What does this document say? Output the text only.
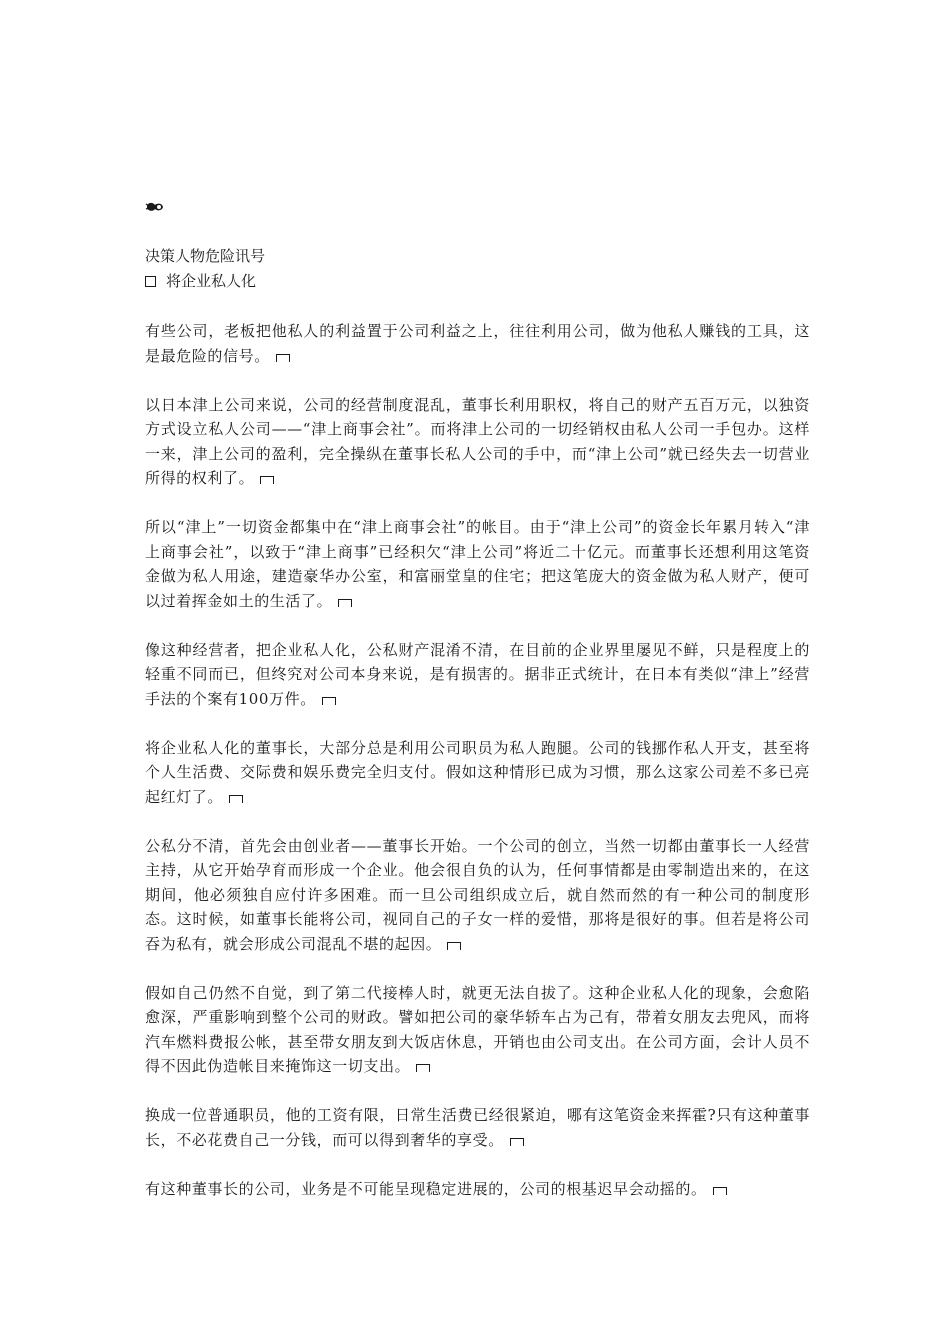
决策人物危险讯号
将企业私人化

有些公司，老板把他私人的利益置于公司利益之上，往往利用公司，做为他私人赚钱的工具，这是最危险的信号。

以日本津上公司来说，公司的经营制度混乱，董事长利用职权，将自己的财产五百万元，以独资方式设立私人公司——“津上商事会社”。而将津上公司的一切经销权由私人公司一手包办。这样一来，津上公司的盈利，完全操纵在董事长私人公司的手中，而“津上公司”就已经失去一切营业所得的权利了。

所以“津上”一切资金都集中在“津上商事会社”的帐目。由于“津上公司”的资金长年累月转入“津上商事会社”，以致于“津上商事”已经积欠“津上公司”将近二十亿元。而董事长还想利用这笔资金做为私人用途，建造豪华办公室，和富丽堂皇的住宅；把这笔庞大的资金做为私人财产，便可以过着挥金如土的生活了。

像这种经营者，把企业私人化，公私财产混淆不清，在目前的企业界里屡见不鲜，只是程度上的轻重不同而已，但终究对公司本身来说，是有损害的。据非正式统计，在日本有类似“津上”经营手法的个案有100万件。

将企业私人化的董事长，大部分总是利用公司职员为私人跑腿。公司的钱挪作私人开支，甚至将个人生活费、交际费和娱乐费完全归支付。假如这种情形已成为习惯，那么这家公司差不多已亮起红灯了。

公私分不清，首先会由创业者——董事长开始。一个公司的创立，当然一切都由董事长一人经营主持，从它开始孕育而形成一个企业。他会很自负的认为，任何事情都是由零制造出来的，在这期间，他必须独自应付许多困难。而一旦公司组织成立后，就自然而然的有一种公司的制度形态。这时候，如董事长能将公司，视同自己的子女一样的爱惜，那将是很好的事。但若是将公司吞为私有，就会形成公司混乱不堪的起因。

假如自己仍然不自觉，到了第二代接棒人时，就更无法自拔了。这种企业私人化的现象，会愈陷愈深，严重影响到整个公司的财政。譬如把公司的豪华轿车占为己有，带着女朋友去兜风，而将汽车燃料费报公帐，甚至带女朋友到大饭店休息，开销也由公司支出。在公司方面，会计人员不得不因此伪造帐目来掩饰这一切支出。

换成一位普通职员，他的工资有限，日常生活费已经很紧迫，哪有这笔资金来挥霍?只有这种董事长，不必花费自己一分钱，而可以得到奢华的享受。

有这种董事长的公司，业务是不可能呈现稳定进展的，公司的根基迟早会动摇的。
